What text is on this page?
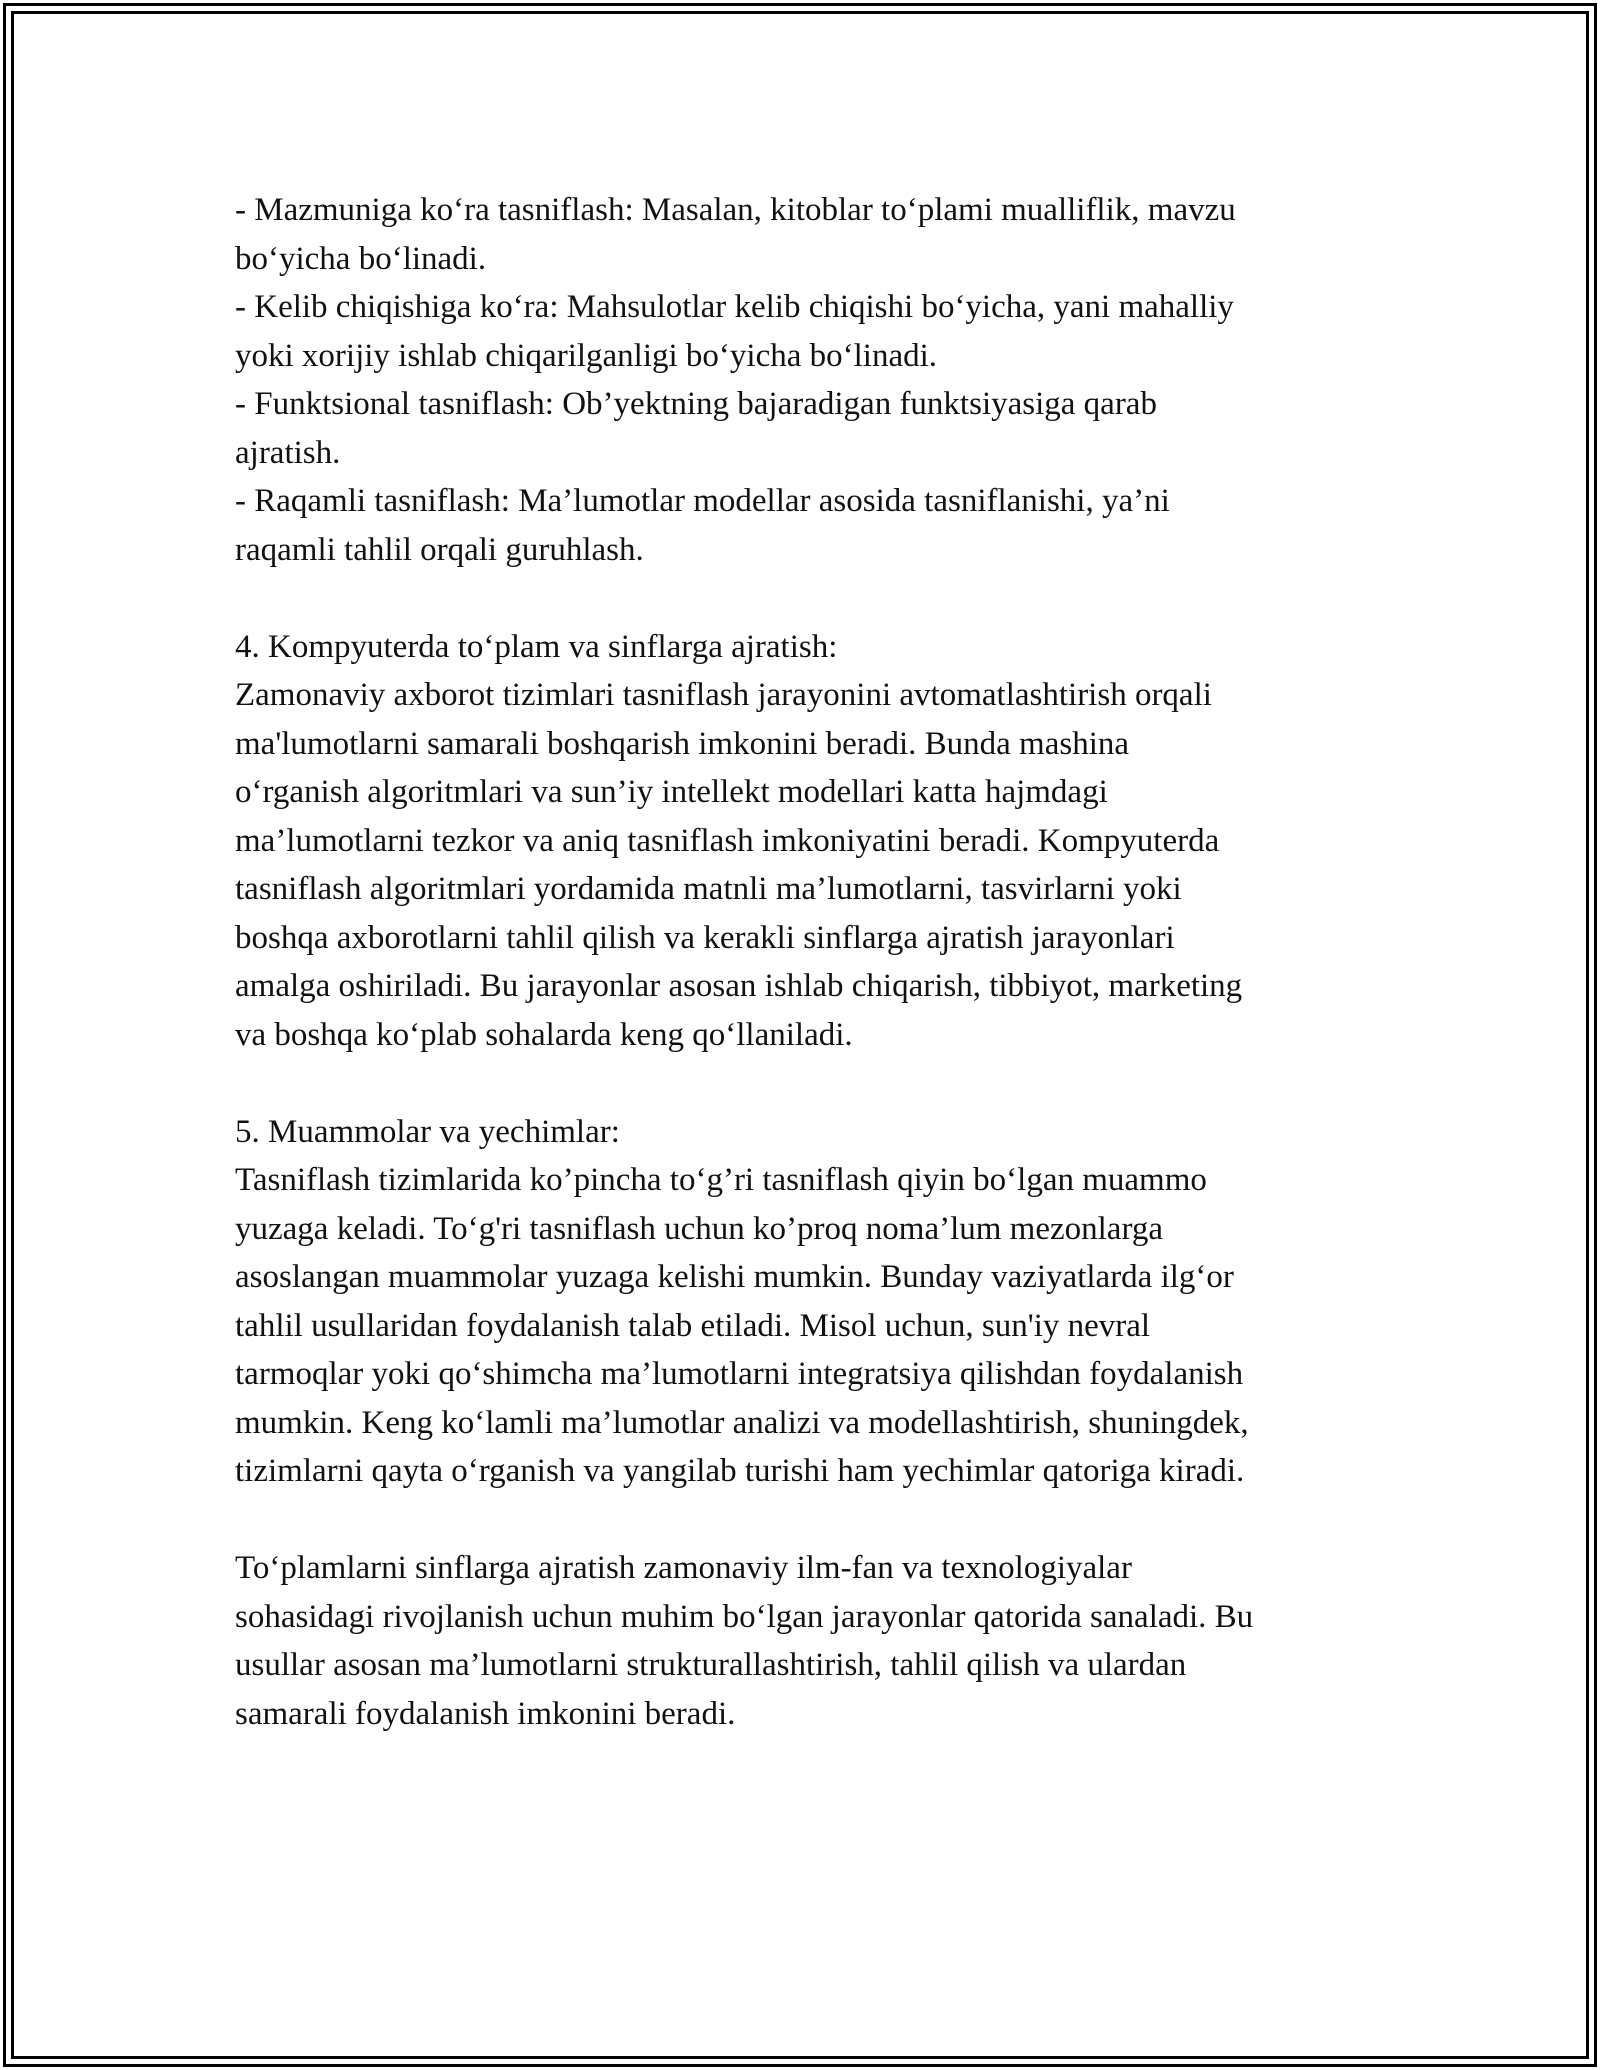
- Mazmuniga ko‘ra tasniflash: Masalan, kitoblar to‘plami mualliflik, mavzu
bo‘yicha bo‘linadi.
- Kelib chiqishiga ko‘ra: Mahsulotlar kelib chiqishi bo‘yicha, yani mahalliy
yoki xorijiy ishlab chiqarilganligi bo‘yicha bo‘linadi.
- Funktsional tasniflash: Ob’yektning bajaradigan funktsiyasiga qarab
ajratish.
- Raqamli tasniflash: Ma’lumotlar modellar asosida tasniflanishi, ya’ni
raqamli tahlil orqali guruhlash.
4. Kompyuterda to‘plam va sinflarga ajratish:
Zamonaviy axborot tizimlari tasniflash jarayonini avtomatlashtirish orqali
ma'lumotlarni samarali boshqarish imkonini beradi. Bunda mashina
o‘rganish algoritmlari va sun’iy intellekt modellari katta hajmdagi
ma’lumotlarni tezkor va aniq tasniflash imkoniyatini beradi. Kompyuterda
tasniflash algoritmlari yordamida matnli ma’lumotlarni, tasvirlarni yoki
boshqa axborotlarni tahlil qilish va kerakli sinflarga ajratish jarayonlari
amalga oshiriladi. Bu jarayonlar asosan ishlab chiqarish, tibbiyot, marketing
va boshqa ko‘plab sohalarda keng qo‘llaniladi.
5. Muammolar va yechimlar:
Tasniflash tizimlarida ko’pincha to‘g’ri tasniflash qiyin bo‘lgan muammo
yuzaga keladi. To‘g'ri tasniflash uchun ko’proq noma’lum mezonlarga
asoslangan muammolar yuzaga kelishi mumkin. Bunday vaziyatlarda ilg‘or
tahlil usullaridan foydalanish talab etiladi. Misol uchun, sun'iy nevral
tarmoqlar yoki qo‘shimcha ma’lumotlarni integratsiya qilishdan foydalanish
mumkin. Keng ko‘lamli ma’lumotlar analizi va modellashtirish, shuningdek,
tizimlarni qayta o‘rganish va yangilab turishi ham yechimlar qatoriga kiradi.
To‘plamlarni sinflarga ajratish zamonaviy ilm-fan va texnologiyalar
sohasidagi rivojlanish uchun muhim bo‘lgan jarayonlar qatorida sanaladi. Bu
usullar asosan ma’lumotlarni strukturallashtirish, tahlil qilish va ulardan
samarali foydalanish imkonini beradi.
